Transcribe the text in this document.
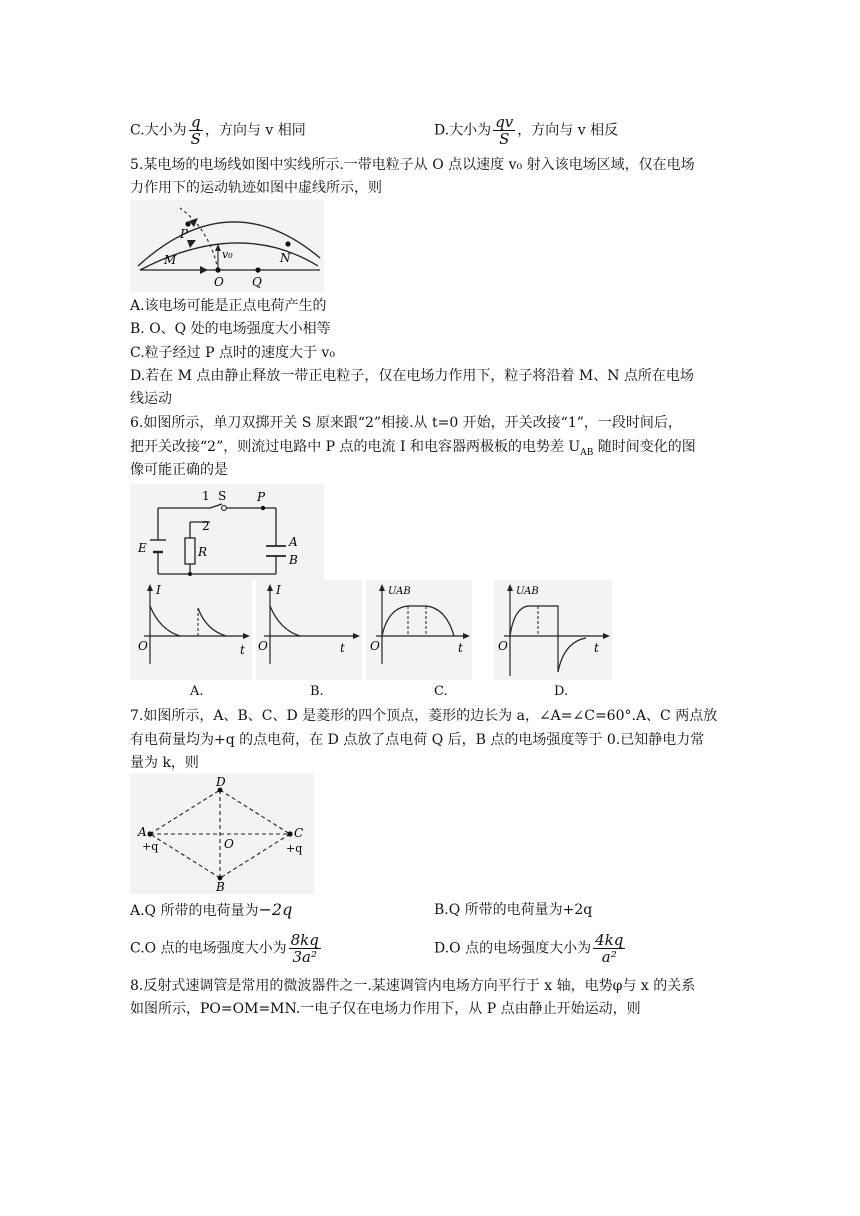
C.大小为 $\frac{q}{S}$ ，方向与 v 相同	D.大小为 $\frac{qv}{S}$ ，方向与 v 相反
5.某电场的电场线如图中实线所示.一带电粒子从 O 点以速度 v₀ 射入该电场区域，仅在电场
力作用下的运动轨迹如图中虚线所示，则
P
M	N
O Q
v₀
A.该电场可能是正点电荷产生的
B. O、Q 处的电场强度大小相等
C.粒子经过 P 点时的速度大于 v₀
D.若在 M 点由静止释放一带正电粒子，仅在电场力作用下，粒子将沿着 M、N 点所在电场
线运动
6.如图所示，单刀双掷开关 S 原来跟“2”相接.从 t=0 开始，开关改接“1”，一段时间后，
把开关改接“2”，则流过电路中 P 点的电流 I 和电容器两极板的电势差 $U_{AB}$ 随时间变化的图
像可能正确的是
1
2
S	P
A
B
E	R
I
O	t
I
O	t
UAB
O	t
UAB
O	t
A.	B.	C.	D.
7.如图所示，A、B、C、D 是菱形的四个顶点，菱形的边长为 a，∠A=∠C=60°.A、C 两点放
有电荷量均为+q 的点电荷，在 D 点放了点电荷 Q 后，B 点的电场强度等于 0.已知静电力常
量为 k，则
A	C
D
B
O
+q	+q
A.Q 所带的电荷量为−2q	B.Q 所带的电荷量为+2q
C.O 点的电场强度大小为 $\frac{8kq}{\text{3a²}}$	D.O 点的电场强度大小为 $\frac{4kq}{\text{a²}}$
8.反射式速调管是常用的微波器件之一.某速调管内电场方向平行于 x 轴，电势φ与 x 的关系
如图所示，PO=OM=MN.一电子仅在电场力作用下，从 P 点由静止开始运动，则
